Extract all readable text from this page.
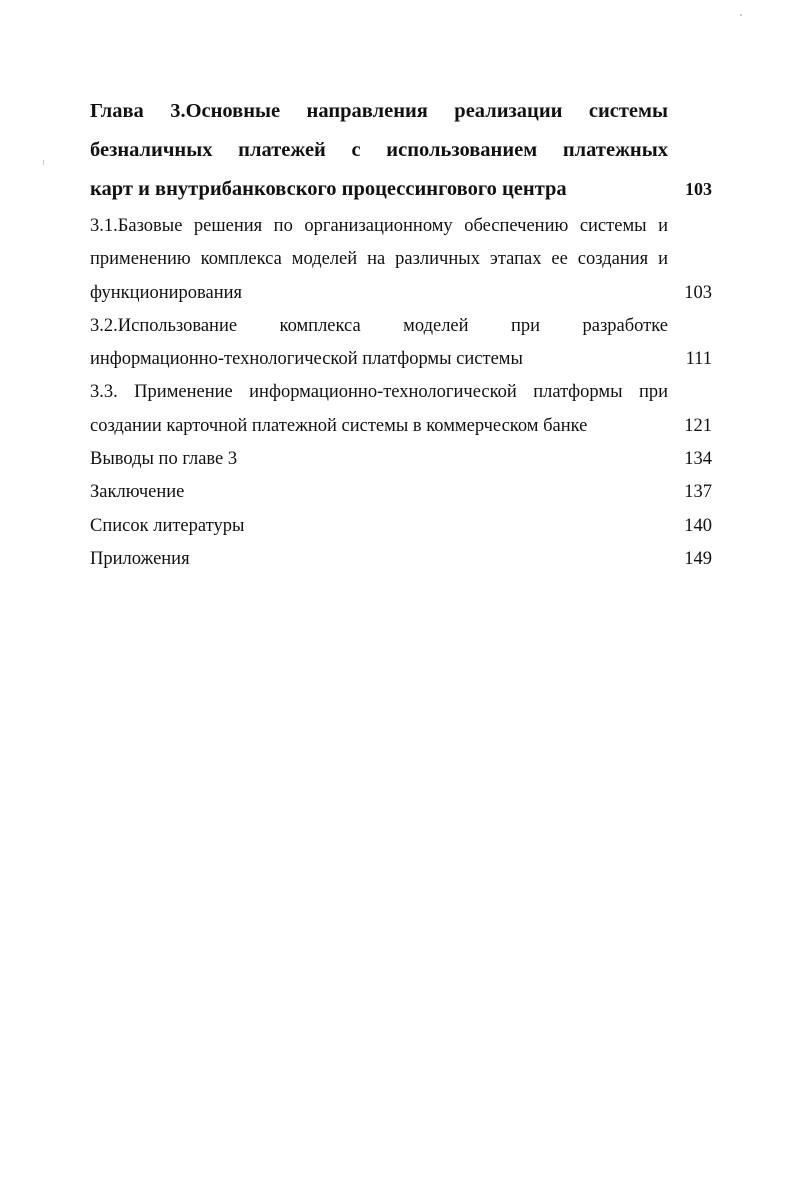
Глава 3.Основные направления реализации системы
безналичных платежей с использованием платежных
карт и внутрибанковского процессингового центра	103
3.1.Базовые решения по организационному обеспечению системы и
применению комплекса моделей на различных этапах ее создания и
функционирования	103
3.2.Использование комплекса моделей при разработке
информационно-технологической платформы системы	111
3.3. Применение информационно-технологической платформы при
создании карточной платежной системы в коммерческом банке	121
Выводы по главе 3	134
Заключение	137
Список литературы	140
Приложения	149
